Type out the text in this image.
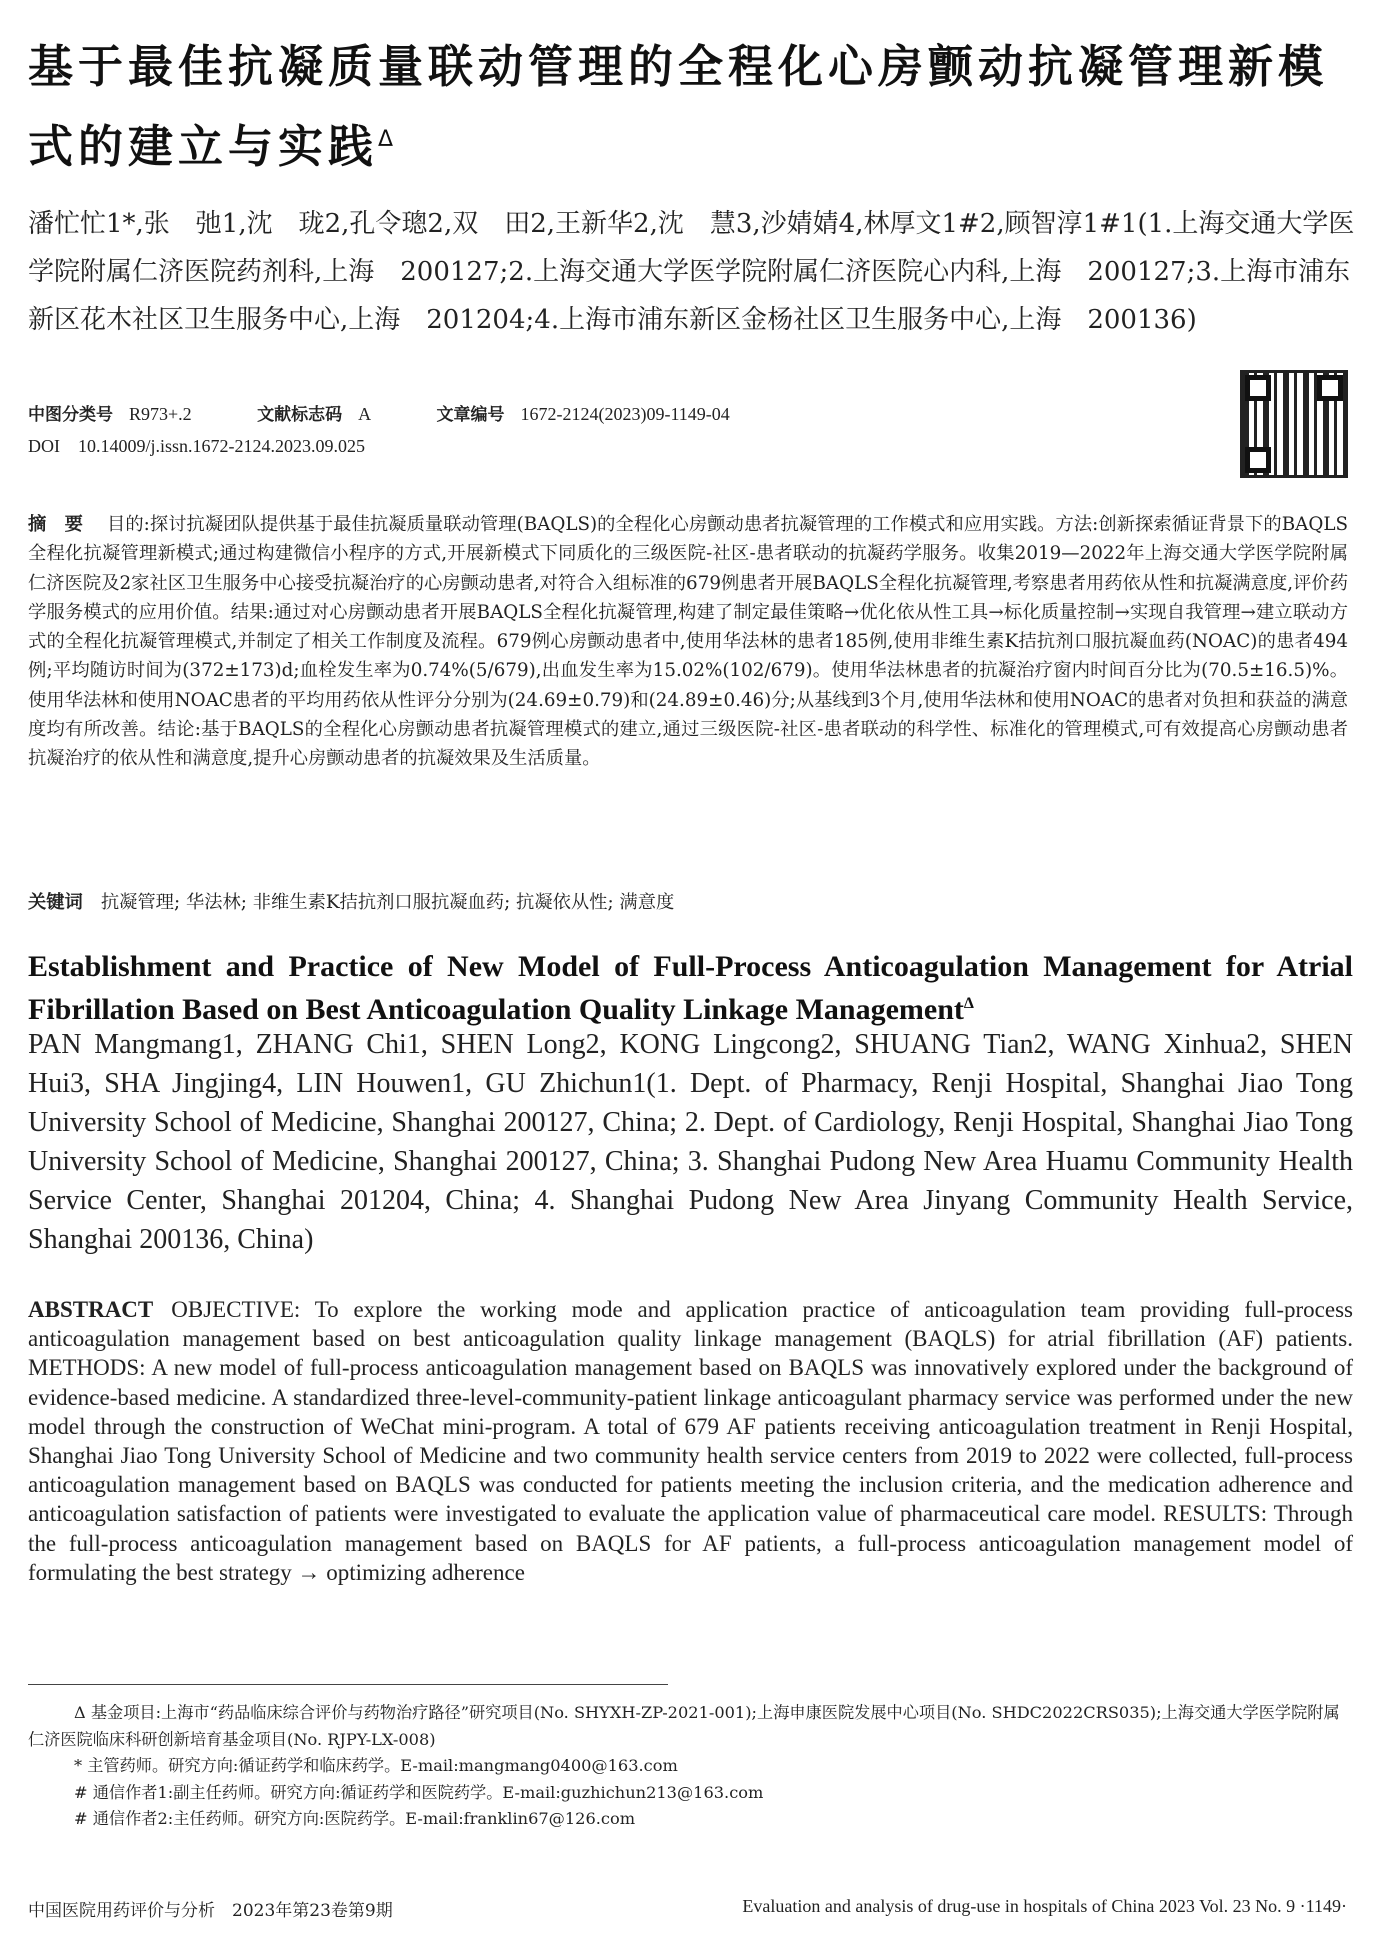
基于最佳抗凝质量联动管理的全程化心房颤动抗凝管理新模式的建立与实践$^\Delta$
潘忙忙1*,张　弛1,沈　珑2,孔令璁2,双　田2,王新华2,沈　慧3,沙婧婧4,林厚文1#2,顾智淳1#1(1.上海交通大学医学院附属仁济医院药剂科,上海　200127;2.上海交通大学医学院附属仁济医院心内科,上海　200127;3.上海市浦东新区花木社区卫生服务中心,上海　201204;4.上海市浦东新区金杨社区卫生服务中心,上海　200136)
中图分类号 R973+.2	文献标志码 A	文章编号 1672-2124(2023)09-1149-04
DOI 10.14009/j.issn.1672-2124.2023.09.025
摘　要 目的:探讨抗凝团队提供基于最佳抗凝质量联动管理(BAQLS)的全程化心房颤动患者抗凝管理的工作模式和应用实践。方法:创新探索循证背景下的BAQLS全程化抗凝管理新模式;通过构建微信小程序的方式,开展新模式下同质化的三级医院-社区-患者联动的抗凝药学服务。收集2019—2022年上海交通大学医学院附属仁济医院及2家社区卫生服务中心接受抗凝治疗的心房颤动患者,对符合入组标准的679例患者开展BAQLS全程化抗凝管理,考察患者用药依从性和抗凝满意度,评价药学服务模式的应用价值。结果:通过对心房颤动患者开展BAQLS全程化抗凝管理,构建了制定最佳策略→优化依从性工具→标化质量控制→实现自我管理→建立联动方式的全程化抗凝管理模式,并制定了相关工作制度及流程。679例心房颤动患者中,使用华法林的患者185例,使用非维生素K拮抗剂口服抗凝血药(NOAC)的患者494例;平均随访时间为(372±173)d;血栓发生率为0.74%(5/679),出血发生率为15.02%(102/679)。使用华法林患者的抗凝治疗窗内时间百分比为(70.5±16.5)%。使用华法林和使用NOAC患者的平均用药依从性评分分别为(24.69±0.79)和(24.89±0.46)分;从基线到3个月,使用华法林和使用NOAC的患者对负担和获益的满意度均有所改善。结论:基于BAQLS的全程化心房颤动患者抗凝管理模式的建立,通过三级医院-社区-患者联动的科学性、标准化的管理模式,可有效提高心房颤动患者抗凝治疗的依从性和满意度,提升心房颤动患者的抗凝效果及生活质量。
关键词 抗凝管理; 华法林; 非维生素K拮抗剂口服抗凝血药; 抗凝依从性; 满意度
Establishment and Practice of New Model of Full-Process Anticoagulation Management for Atrial Fibrillation Based on Best Anticoagulation Quality Linkage Management$^\Delta$
PAN Mangmang1, ZHANG Chi1, SHEN Long2, KONG Lingcong2, SHUANG Tian2, WANG Xinhua2, SHEN Hui3, SHA Jingjing4, LIN Houwen1, GU Zhichun1(1. Dept. of Pharmacy, Renji Hospital, Shanghai Jiao Tong University School of Medicine, Shanghai 200127, China; 2. Dept. of Cardiology, Renji Hospital, Shanghai Jiao Tong University School of Medicine, Shanghai 200127, China; 3. Shanghai Pudong New Area Huamu Community Health Service Center, Shanghai 201204, China; 4. Shanghai Pudong New Area Jinyang Community Health Service, Shanghai 200136, China)
ABSTRACT OBJECTIVE: To explore the working mode and application practice of anticoagulation team providing full-process anticoagulation management based on best anticoagulation quality linkage management (BAQLS) for atrial fibrillation (AF) patients. METHODS: A new model of full-process anticoagulation management based on BAQLS was innovatively explored under the background of evidence-based medicine. A standardized three-level-community-patient linkage anticoagulant pharmacy service was performed under the new model through the construction of WeChat mini-program. A total of 679 AF patients receiving anticoagulation treatment in Renji Hospital, Shanghai Jiao Tong University School of Medicine and two community health service centers from 2019 to 2022 were collected, full-process anticoagulation management based on BAQLS was conducted for patients meeting the inclusion criteria, and the medication adherence and anticoagulation satisfaction of patients were investigated to evaluate the application value of pharmaceutical care model. RESULTS: Through the full-process anticoagulation management based on BAQLS for AF patients, a full-process anticoagulation management model of formulating the best strategy → optimizing adherence
Δ 基金项目:上海市“药品临床综合评价与药物治疗路径”研究项目(No. SHYXH-ZP-2021-001);上海申康医院发展中心项目(No. SHDC2022CRS035);上海交通大学医学院附属仁济医院临床科研创新培育基金项目(No. RJPY-LX-008)
* 主管药师。研究方向:循证药学和临床药学。E-mail:mangmang0400@163.com
# 通信作者1:副主任药师。研究方向:循证药学和医院药学。E-mail:guzhichun213@163.com
# 通信作者2:主任药师。研究方向:医院药学。E-mail:franklin67@126.com
中国医院用药评价与分析　2023年第23卷第9期	Evaluation and analysis of drug-use in hospitals of China 2023 Vol. 23 No. 9 ·1149·
